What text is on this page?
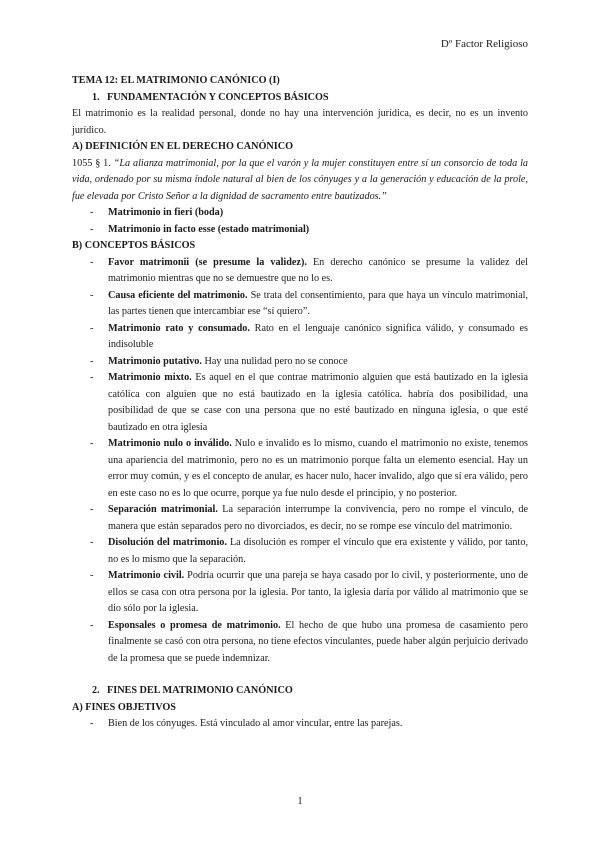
Dº Factor Religioso
TEMA 12: EL MATRIMONIO CANÓNICO (I)
1. FUNDAMENTACIÓN Y CONCEPTOS BÁSICOS
El matrimonio es la realidad personal, donde no hay una intervención jurídica, es decir, no es un invento jurídico.
A) DEFINICIÓN EN EL DERECHO CANÓNICO
1055 § 1. “La alianza matrimonial, por la que el varón y la mujer constituyen entre sí un consorcio de toda la vida, ordenado por su misma índole natural al bien de los cónyuges y a la generación y educación de la prole, fue elevada por Cristo Señor a la dignidad de sacramento entre bautizados.”
- Matrimonio in fieri (boda)
- Matrimonio in facto esse (estado matrimonial)
B) CONCEPTOS BÁSICOS
- Favor matrimonii (se presume la validez). En derecho canónico se presume la validez del matrimonio mientras que no se demuestre que no lo es.
- Causa eficiente del matrimonio. Se trata del consentimiento, para que haya un vínculo matrimonial, las partes tienen que intercambiar ese “sí quiero”.
- Matrimonio rato y consumado. Rato en el lenguaje canónico significa válido, y consumado es indisoluble
- Matrimonio putativo. Hay una nulidad pero no se conoce
- Matrimonio mixto. Es aquel en el que contrae matrimonio alguien que está bautizado en la iglesia católica con alguien que no está bautizado en la iglesia católica. habría dos posibilidad, una posibilidad de que se case con una persona que no esté bautizado en ninguna iglesia, o que esté bautizado en otra iglesia
- Matrimonio nulo o inválido. Nulo e invalido es lo mismo, cuando el matrimonio no existe, tenemos una apariencia del matrimonio, pero no es un matrimonio porque falta un elemento esencial. Hay un error muy común, y es el concepto de anular, es hacer nulo, hacer invalido, algo que sí era válido, pero en este caso no es lo que ocurre, porque ya fue nulo desde el principio, y no posterior.
- Separación matrimonial. La separación interrumpe la convivencia, pero no rompe el vínculo, de manera que están separados pero no divorciados, es decir, no se rompe ese vínculo del matrimonio.
- Disolución del matrimonio. La disolución es romper el vínculo que era existente y válido, por tanto, no es lo mismo que la separación.
- Matrimonio civil. Podría ocurrir que una pareja se haya casado por lo civil, y posteriormente, uno de ellos se casa con otra persona por la iglesia. Por tanto, la iglesia daría por válido al matrimonio que se dio sólo por la iglesia.
- Esponsales o promesa de matrimonio. El hecho de que hubo una promesa de casamiento pero finalmente se casó con otra persona, no tiene efectos vinculantes, puede haber algún perjuicio derivado de la promesa que se puede indemnizar.
2. FINES DEL MATRIMONIO CANÓNICO
A) FINES OBJETIVOS
- Bien de los cónyuges. Está vinculado al amor vincular, entre las parejas.
1
